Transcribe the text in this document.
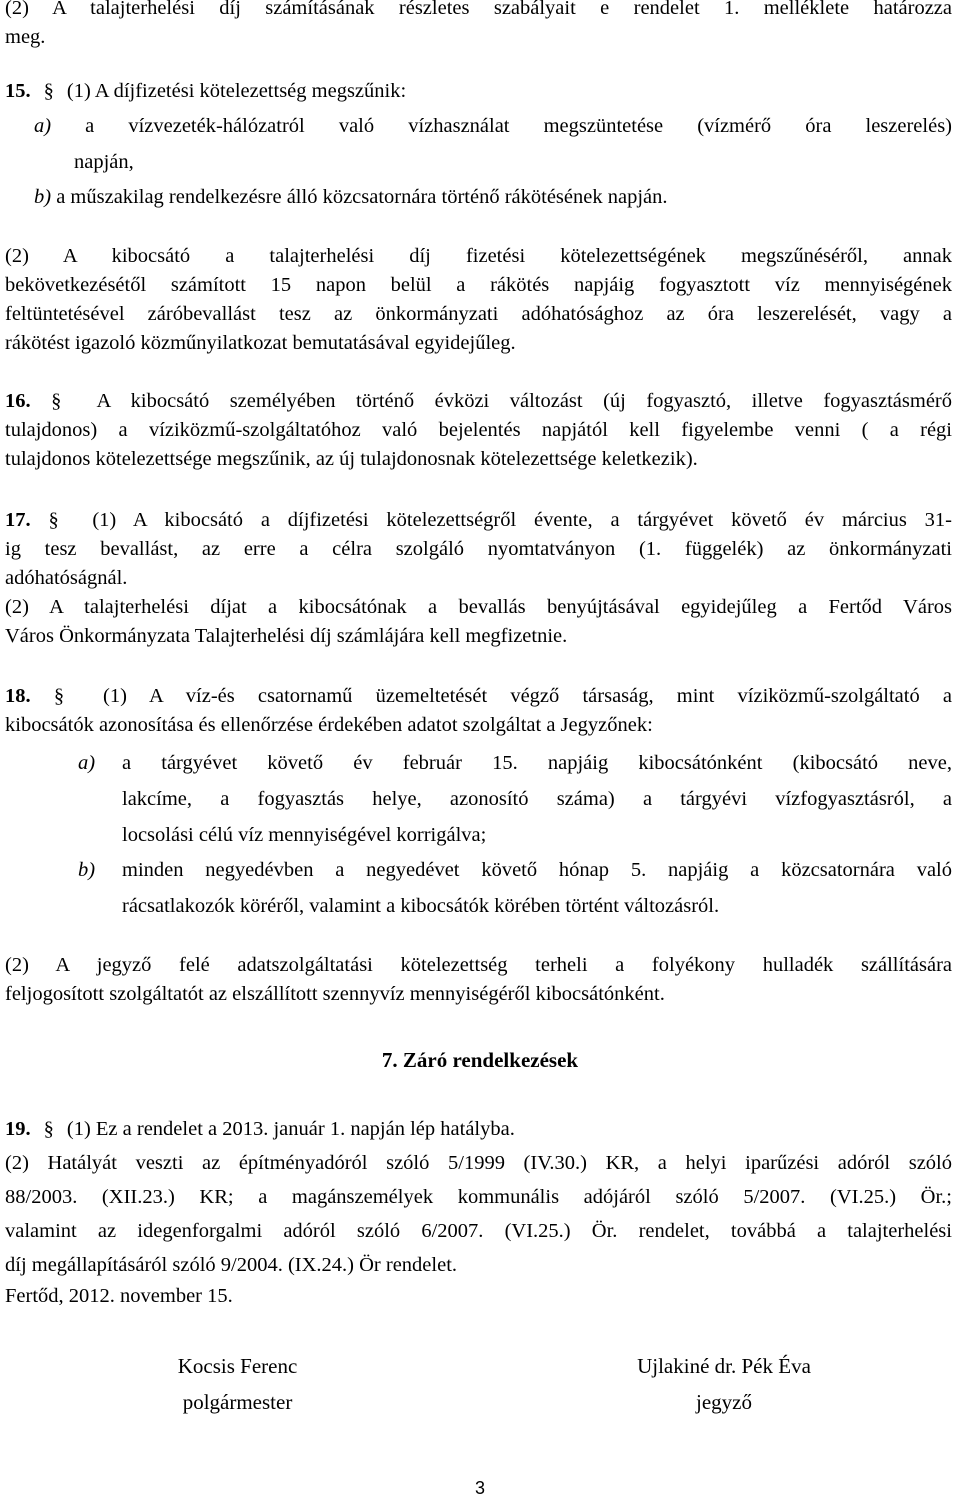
(2) A talajterhelési díj számításának részletes szabályait e rendelet 1. melléklete határozza
meg.
15. § (1) A díjfizetési kötelezettség megszűnik:
a) a vízvezeték-hálózatról való vízhasználat megszüntetése (vízmérő óra leszerelés)
napján,
b) a műszakilag rendelkezésre álló közcsatornára történő rákötésének napján.
(2) A kibocsátó a talajterhelési díj fizetési kötelezettségének megszűnéséről, annak
bekövetkezésétől számított 15 napon belül a rákötés napjáig fogyasztott víz mennyiségének
feltüntetésével záróbevallást tesz az önkormányzati adóhatósághoz az óra leszerelését, vagy a
rákötést igazoló közműnyilatkozat bemutatásával egyidejűleg.
16. § A kibocsátó személyében történő évközi változást (új fogyasztó, illetve fogyasztásmérő
tulajdonos) a víziközmű-szolgáltatóhoz való bejelentés napjától kell figyelembe venni ( a régi
tulajdonos kötelezettsége megszűnik, az új tulajdonosnak kötelezettsége keletkezik).
17. § (1) A kibocsátó a díjfizetési kötelezettségről évente, a tárgyévet követő év március 31-
ig tesz bevallást, az erre a célra szolgáló nyomtatványon (1. függelék) az önkormányzati
adóhatóságnál.
(2) A talajterhelési díjat a kibocsátónak a bevallás benyújtásával egyidejűleg a Fertőd Város
Város Önkormányzata Talajterhelési díj számlájára kell megfizetnie.
18. § (1) A víz-és csatornamű üzemeltetését végző társaság, mint víziközmű-szolgáltató a
kibocsátók azonosítása és ellenőrzése érdekében adatot szolgáltat a Jegyzőnek:
a) a tárgyévet követő év február 15. napjáig kibocsátónként (kibocsátó neve,
lakcíme, a fogyasztás helye, azonosító száma) a tárgyévi vízfogyasztásról, a
locsolási célú víz mennyiségével korrigálva;
b) minden negyedévben a negyedévet követő hónap 5. napjáig a közcsatornára való
rácsatlakozók köréről, valamint a kibocsátók körében történt változásról.
(2) A jegyző felé adatszolgáltatási kötelezettség terheli a folyékony hulladék szállítására
feljogosított szolgáltatót az elszállított szennyvíz mennyiségéről kibocsátónként.
7. Záró rendelkezések
19. § (1) Ez a rendelet a 2013. január 1. napján lép hatályba.
(2) Hatályát veszti az építményadóról szóló 5/1999 (IV.30.) KR, a helyi iparűzési adóról szóló
88/2003. (XII.23.) KR; a magánszemélyek kommunális adójáról szóló 5/2007. (VI.25.) Ör.;
valamint az idegenforgalmi adóról szóló 6/2007. (VI.25.) Ör. rendelet, továbbá a talajterhelési
díj megállapításáról szóló 9/2004. (IX.24.) Ör rendelet.
Fertőd, 2012. november 15.
Kocsis Ferenc
polgármester
Ujlakiné dr. Pék Éva
jegyző
3
